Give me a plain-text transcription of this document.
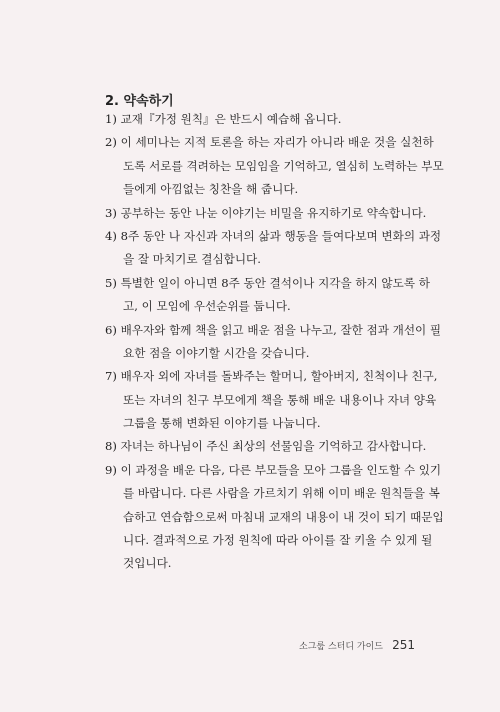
2. 약속하기
1) 교재『가정 원칙』은 반드시 예습해 옵니다.
2) 이 세미나는 지적 토론을 하는 자리가 아니라 배운 것을 실천하
도록 서로를 격려하는 모임임을 기억하고, 열심히 노력하는 부모
들에게 아낌없는 칭찬을 해 줍니다.
3) 공부하는 동안 나눈 이야기는 비밀을 유지하기로 약속합니다.
4) 8주 동안 나 자신과 자녀의 삶과 행동을 들여다보며 변화의 과정
을 잘 마치기로 결심합니다.
5) 특별한 일이 아니면 8주 동안 결석이나 지각을 하지 않도록 하
고, 이 모임에 우선순위를 둡니다.
6) 배우자와 함께 책을 읽고 배운 점을 나누고, 잘한 점과 개선이 필
요한 점을 이야기할 시간을 갖습니다.
7) 배우자 외에 자녀를 돌봐주는 할머니, 할아버지, 친척이나 친구,
또는 자녀의 친구 부모에게 책을 통해 배운 내용이나 자녀 양육
그룹을 통해 변화된 이야기를 나눕니다.
8) 자녀는 하나님이 주신 최상의 선물임을 기억하고 감사합니다.
9) 이 과정을 배운 다음, 다른 부모들을 모아 그룹을 인도할 수 있기
를 바랍니다. 다른 사람을 가르치기 위해 이미 배운 원칙들을 복
습하고 연습함으로써 마침내 교재의 내용이 내 것이 되기 때문입
니다. 결과적으로 가정 원칙에 따라 아이를 잘 키울 수 있게 될
것입니다.
소그룹 스터디 가이드 251
